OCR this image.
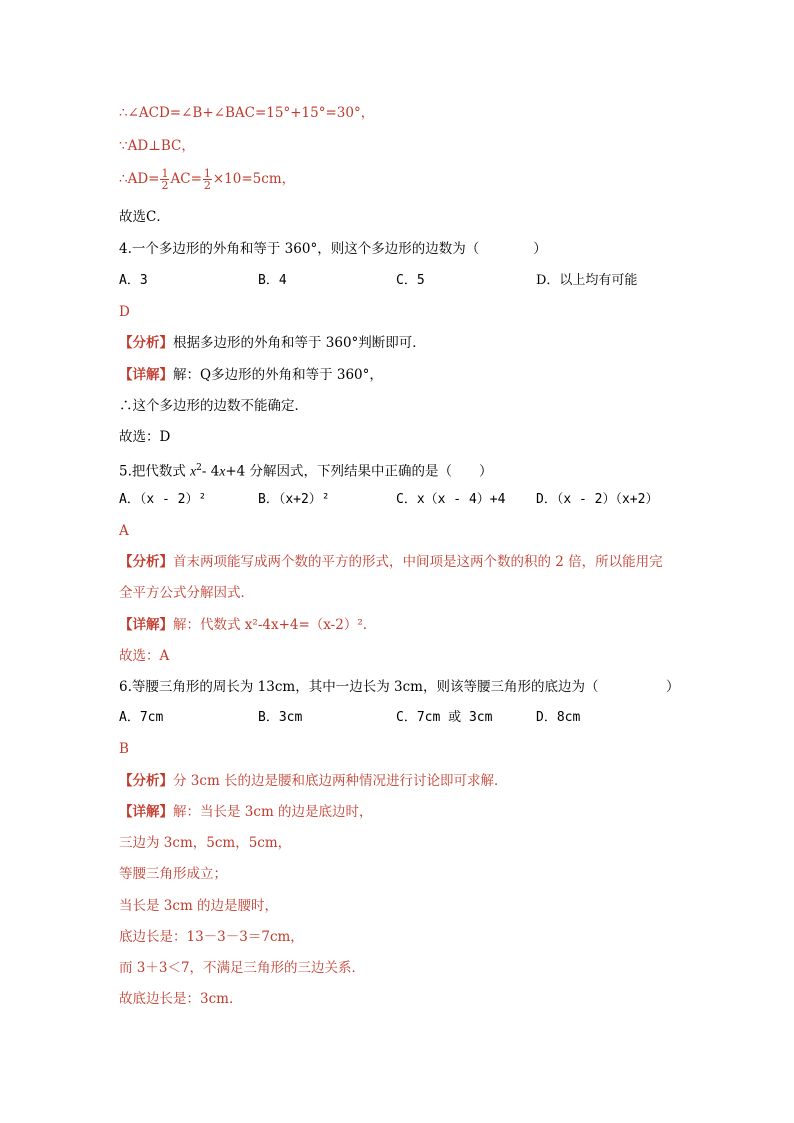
∴∠ACD=∠B+∠BAC=15°+15°=30°，
∵AD⊥BC，
∴AD= $\frac{1}{2} AC= \frac{1}{2} \times 10=5cm$，
故选C．
4.一个多边形的外角和等于 360°，则这个多边形的边数为（　　　　）
A．3	B．4	C．5	D．以上均有可能
D
【分析】根据多边形的外角和等于 360°判断即可．
【详解】解：Q多边形的外角和等于 360°，
∴这个多边形的边数不能确定．
故选：D
5.把代数式 $x^2-$ 4x+4 分解因式，下列结果中正确的是（　　）
A．（x - 2）²	B．（x+2）²	C．x（x - 4）+4 D．（x - 2）（x+2）
A
【分析】首末两项能写成两个数的平方的形式，中间项是这两个数的积的 2 倍，所以能用完
全平方公式分解因式．
【详解】解：代数式 x²-4x+4=（x-2）²．
故选：A
6.等腰三角形的周长为 13cm，其中一边长为 3cm，则该等腰三角形的底边为（　　　　　）
A．7cm	B．3cm	C．7cm 或 3cm	D．8cm
B
【分析】分 3cm 长的边是腰和底边两种情况进行讨论即可求解．
【详解】解：当长是 3cm 的边是底边时，
三边为 3cm，5cm，5cm，
等腰三角形成立；
当长是 3cm 的边是腰时，
底边长是：13－3－3＝7cm，
而 3＋3＜7，不满足三角形的三边关系．
故底边长是：3cm．
